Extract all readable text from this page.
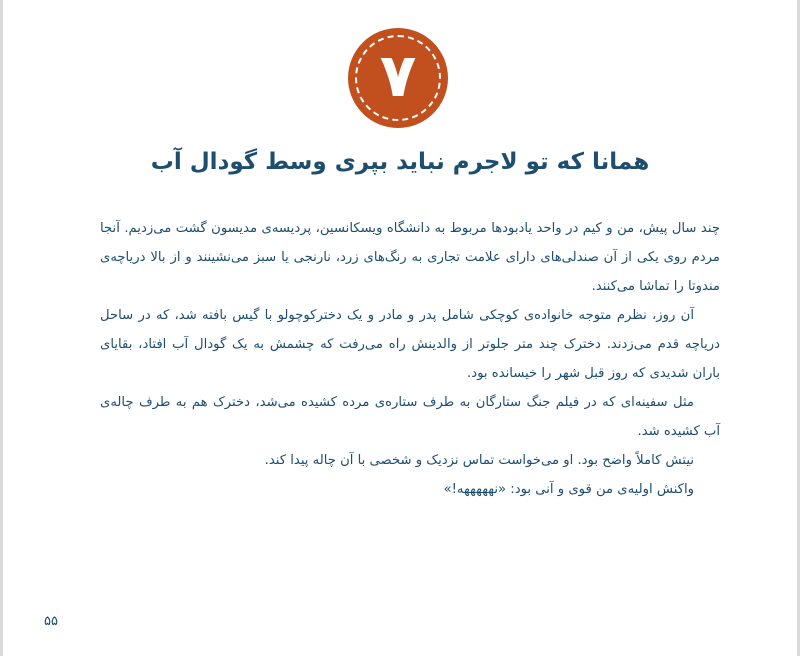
۷
همانا که تو لاجرم نباید بپری وسط گودال آب

چند سال پیش، من و کیم در واحد یادبودها مربوط به دانشگاه ویسکانسین، پردیسه‌ی مدیسون گشت می‌زدیم. آنجا مردم روی یکی از آن صندلی‌های دارای علامت تجاری به رنگ‌های زرد، نارنجی یا سبز می‌نشینند و از بالا دریاچه‌ی مندوتا را تماشا می‌کنند.

آن روز، نظرم متوجه خانواده‌ی کوچکی شامل پدر و مادر و یک دخترکوچولو با گیس بافته شد، که در ساحل دریاچه قدم می‌زدند. دخترک چند متر جلوتر از والدینش راه می‌رفت که چشمش به یک گودال آب افتاد، بقایای باران شدیدی که روز قبل شهر را خیسانده بود.

مثل سفینه‌ای که در فیلم جنگ ستارگان به طرف ستاره‌ی مرده کشیده می‌شد، دخترک هم به طرف چاله‌ی آب کشیده شد.

نیتش کاملاً واضح بود. او می‌خواست تماس نزدیک و شخصی با آن چاله پیدا کند.

واکنش اولیه‌ی من قوی و آنی بود: «نهههههه!»

۵۵
